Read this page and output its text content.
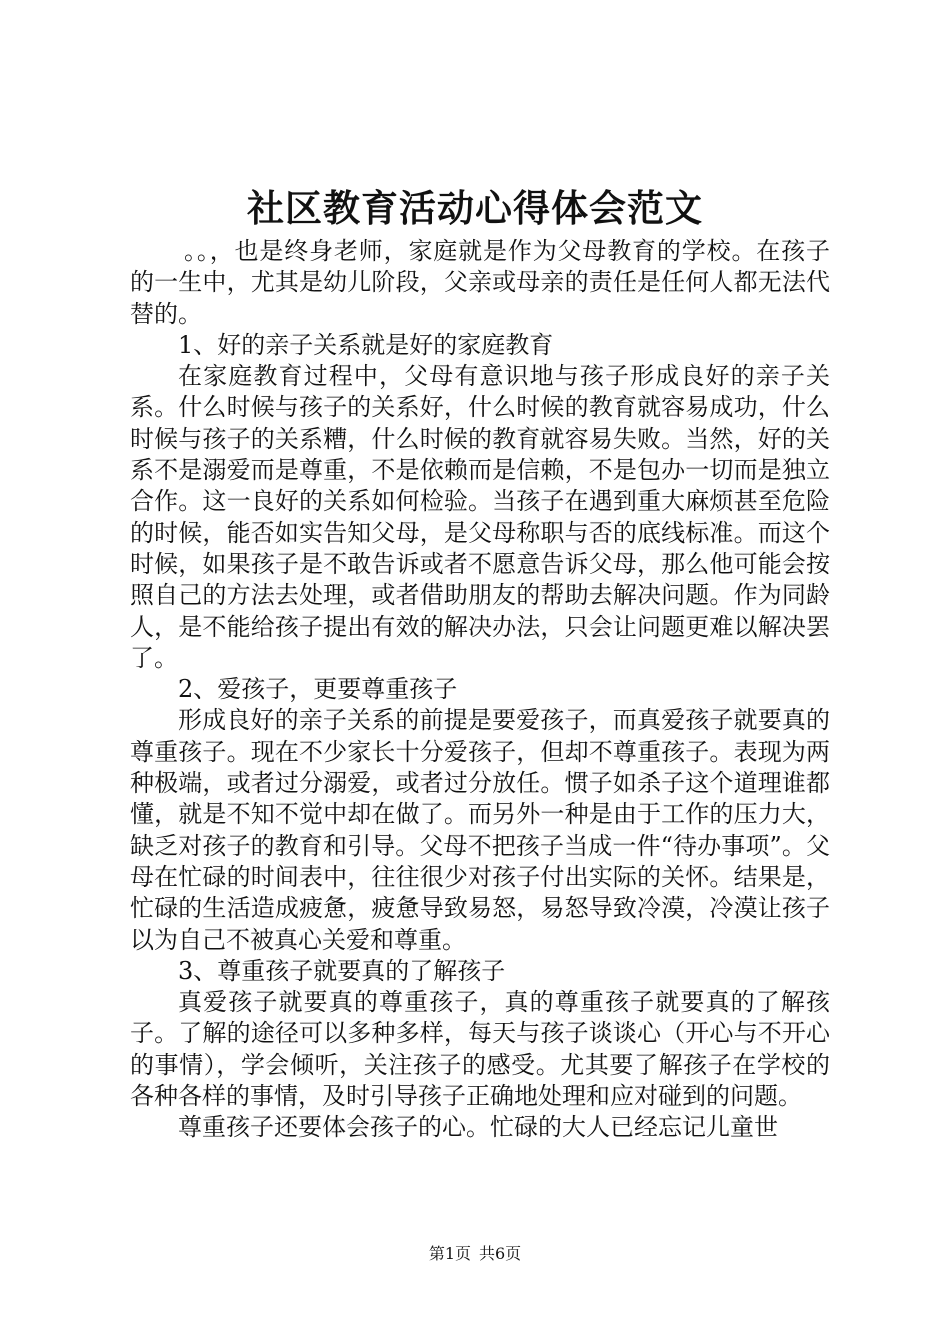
社区教育活动心得体会范文

。。，也是终身老师，家庭就是作为父母教育的学校。在孩子的一生中，尤其是幼儿阶段，父亲或母亲的责任是任何人都无法代替的。

1、好的亲子关系就是好的家庭教育

在家庭教育过程中，父母有意识地与孩子形成良好的亲子关系。什么时候与孩子的关系好，什么时候的教育就容易成功，什么时候与孩子的关系糟，什么时候的教育就容易失败。当然，好的关系不是溺爱而是尊重，不是依赖而是信赖，不是包办一切而是独立合作。这一良好的关系如何检验。当孩子在遇到重大麻烦甚至危险的时候，能否如实告知父母，是父母称职与否的底线标准。而这个时候，如果孩子是不敢告诉或者不愿意告诉父母，那么他可能会按照自己的方法去处理，或者借助朋友的帮助去解决问题。作为同龄人，是不能给孩子提出有效的解决办法，只会让问题更难以解决罢了。

2、爱孩子，更要尊重孩子

形成良好的亲子关系的前提是要爱孩子，而真爱孩子就要真的尊重孩子。现在不少家长十分爱孩子，但却不尊重孩子。表现为两种极端，或者过分溺爱，或者过分放任。惯子如杀子这个道理谁都懂，就是不知不觉中却在做了。而另外一种是由于工作的压力大，缺乏对孩子的教育和引导。父母不把孩子当成一件“待办事项”。父母在忙碌的时间表中，往往很少对孩子付出实际的关怀。结果是，忙碌的生活造成疲惫，疲惫导致易怒，易怒导致冷漠，冷漠让孩子以为自己不被真心关爱和尊重。

3、尊重孩子就要真的了解孩子

真爱孩子就要真的尊重孩子，真的尊重孩子就要真的了解孩子。了解的途径可以多种多样，每天与孩子谈谈心（开心与不开心的事情），学会倾听，关注孩子的感受。尤其要了解孩子在学校的各种各样的事情，及时引导孩子正确地处理和应对碰到的问题。

尊重孩子还要体会孩子的心。忙碌的大人已经忘记儿童世

第1页 共6页
